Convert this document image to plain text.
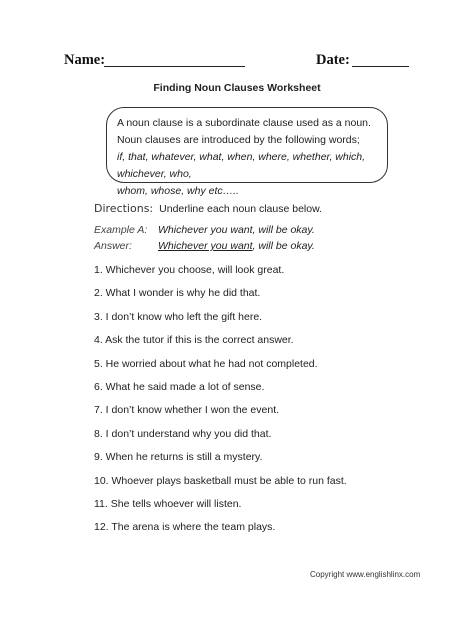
Name:	Date:
Finding Noun Clauses Worksheet
A noun clause is a subordinate clause used as a noun.
Noun clauses are introduced by the following words;
if, that, whatever, what, when, where, whether, which, whichever, who,
whom, whose, why etc…..
Directions: Underline each noun clause below.
Example A: Whichever you want, will be okay.
Answer: Whichever you want, will be okay.
1. Whichever you choose, will look great.
2. What I wonder is why he did that.
3. I don’t know who left the gift here.
4. Ask the tutor if this is the correct answer.
5. He worried about what he had not completed.
6. What he said made a lot of sense.
7. I don’t know whether I won the event.
8. I don’t understand why you did that.
9. When he returns is still a mystery.
10. Whoever plays basketball must be able to run fast.
11. She tells whoever will listen.
12. The arena is where the team plays.
Copyright www.englishlinx.com
